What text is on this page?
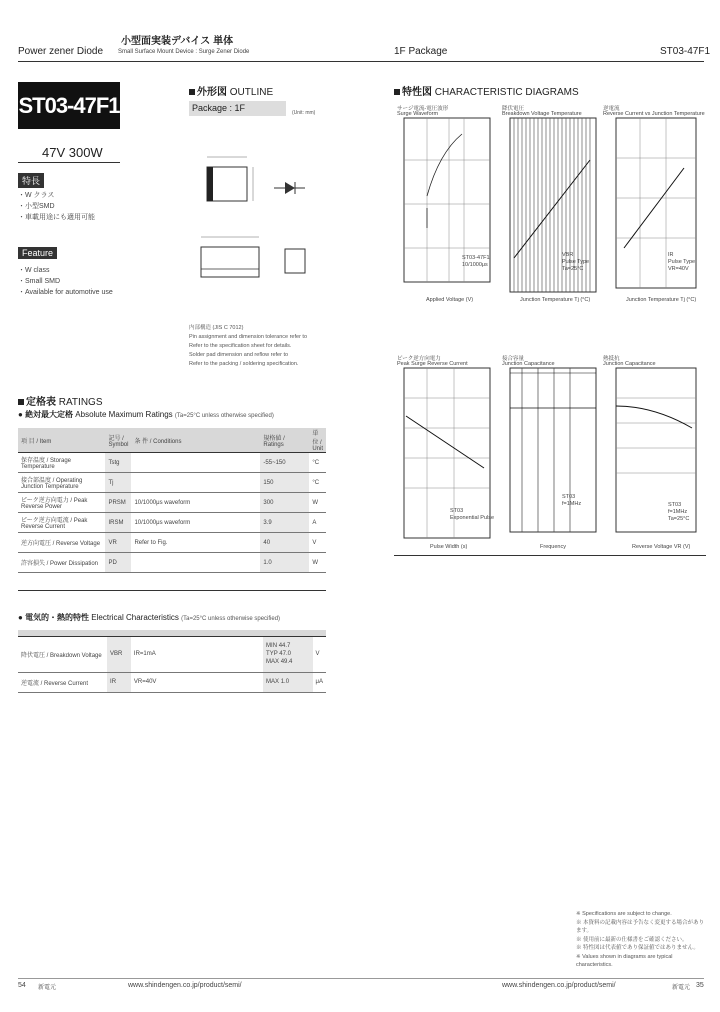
小型面実装デバイス 単体
Power zener Diode Small Surface Mount Device : Surge Zener Diode	1F Package	ST03-47F1
ST03-47F1
47V 300W
特長
・W クラス
・小型SMD
・車載用途にも適用可能
Feature
・W class
・Small SMD
・Available for automotive use
外形図 OUTLINE
Package : 1F	(Unit: mm)
内部構造 (JIS C 7012)
Pin assignment and dimension tolerance refer to
Refer to the specification sheet for details.
Solder pad dimension and reflow refer to
Refer to the packing / soldering specification.
定格表 RATINGS
● 絶対最大定格 Absolute Maximum Ratings (Ta=25°C unless otherwise specified)
項 目 / Item	記号 / Symbol	条 件 / Conditions	規格値 / Ratings	単位 / Unit
保存温度 / Storage Temperature	Tstg		-55~150	°C
接合部温度 / Operating Junction Temperature	Tj		150	°C
ピーク逆方向電力 / Peak Reverse Power	PRSM	10/1000μs waveform	300	W
ピーク逆方向電流 / Peak Reverse Current	IRSM	10/1000μs waveform	3.9	A
逆方向電圧 / Reverse Voltage	VR	Refer to Fig.	40	V
許容損失 / Power Dissipation	PD		1.0	W
● 電気的・熱的特性 Electrical Characteristics (Ta=25°C unless otherwise specified)

降伏電圧 / Breakdown Voltage	VBR	IR=1mA	MIN 44.7
TYP 47.0
MAX 49.4	V
逆電流 / Reverse Current	IR	VR=40V	MAX 1.0	μA
特性図 CHARACTERISTIC DIAGRAMS
サージ電流-電圧波形
Surge Waveform
Applied Voltage (V)
ST03-47F1
10/1000μs
降伏電圧
Breakdown Voltage Temperature
Junction Temperature Tj (°C)
VBR
Pulse Type
Ta=25°C
逆電流
Reverse Current vs Junction Temperature
Junction Temperature Tj (°C)
IR
Pulse Type
VR=40V
ピーク逆方向電力
Peak Surge Reverse Current
Pulse Width (s)
ST03
Exponential Pulse
接合容量
Junction Capacitance
Frequency
ST03
f=1MHz
熱抵抗
Junction Capacitance
Reverse Voltage VR (V)
ST03
f=1MHz
Ta=25°C
※ Specifications are subject to change.
※ 本資料の記載内容は予告なく変更する場合があります。
※ 使用前に最新の仕様書をご確認ください。
※ 特性図は代表値であり保証値ではありません。
※ Values shown in diagrams are typical characteristics.
54 新電元	www.shindengen.co.jp/product/semi/	www.shindengen.co.jp/product/semi/	新電元 35
